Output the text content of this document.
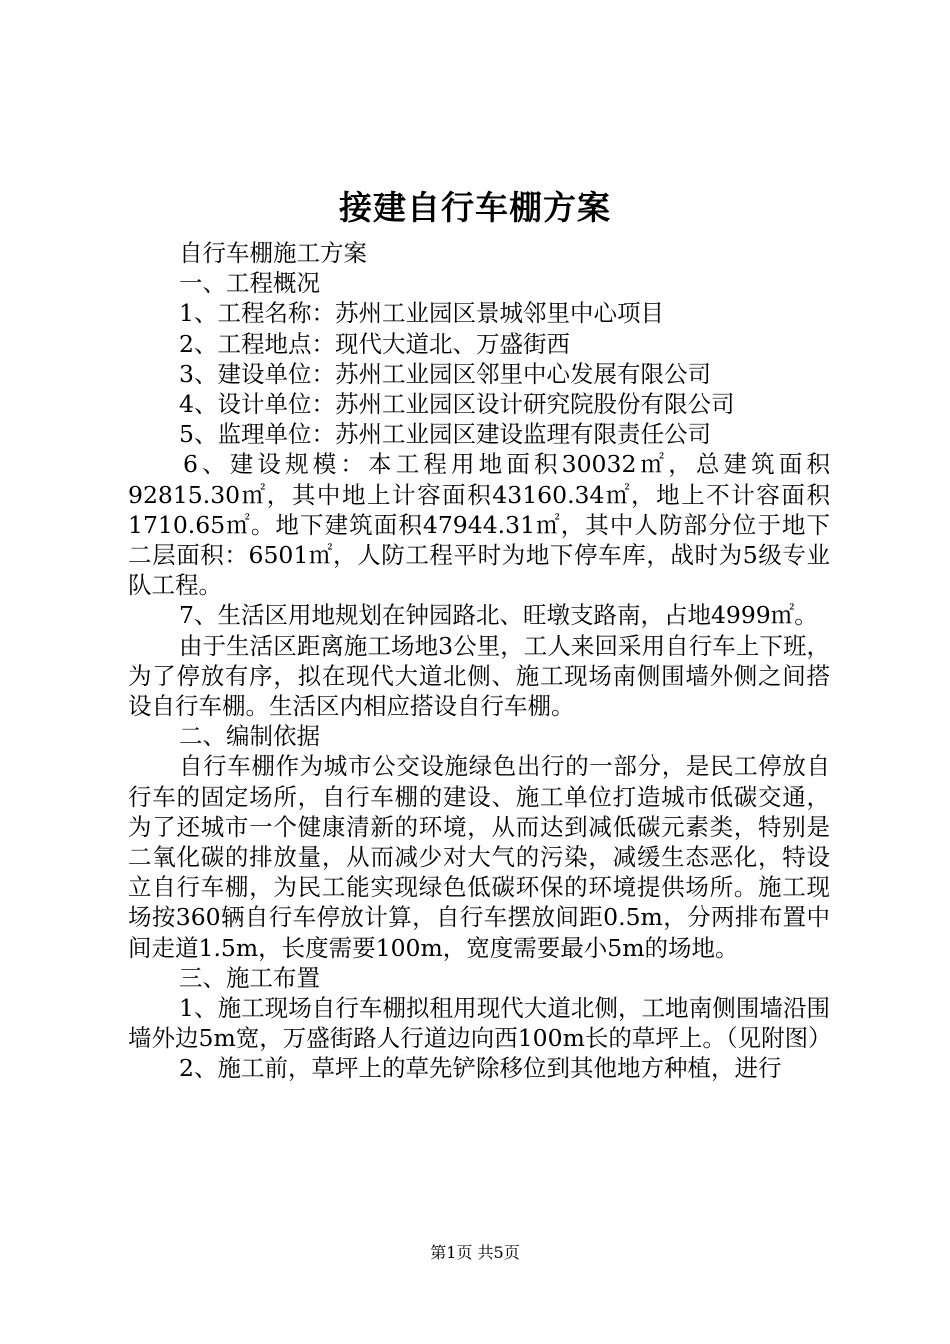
接建自行车棚方案

自行车棚施工方案

一、工程概况

1、工程名称：苏州工业园区景城邻里中心项目

2、工程地点：现代大道北、万盛街西

3、建设单位：苏州工业园区邻里中心发展有限公司

4、设计单位：苏州工业园区设计研究院股份有限公司

5、监理单位：苏州工业园区建设监理有限责任公司

6、建设规模：本工程用地面积30032㎡，总建筑面积92815.30㎡，其中地上计容面积43160.34㎡，地上不计容面积1710.65㎡。地下建筑面积47944.31㎡，其中人防部分位于地下二层面积：6501㎡，人防工程平时为地下停车库，战时为5级专业队工程。

7、生活区用地规划在钟园路北、旺墩支路南，占地4999㎡。

由于生活区距离施工场地3公里，工人来回采用自行车上下班，为了停放有序，拟在现代大道北侧、施工现场南侧围墙外侧之间搭设自行车棚。生活区内相应搭设自行车棚。

二、编制依据

自行车棚作为城市公交设施绿色出行的一部分，是民工停放自行车的固定场所，自行车棚的建设、施工单位打造城市低碳交通，为了还城市一个健康清新的环境，从而达到减低碳元素类，特别是二氧化碳的排放量，从而减少对大气的污染，减缓生态恶化，特设立自行车棚，为民工能实现绿色低碳环保的环境提供场所。施工现场按360辆自行车停放计算，自行车摆放间距0.5m，分两排布置中间走道1.5m，长度需要100m，宽度需要最小5m的场地。

三、施工布置

1、施工现场自行车棚拟租用现代大道北侧，工地南侧围墙沿围墙外边5m宽，万盛街路人行道边向西100m长的草坪上。（见附图）

2、施工前，草坪上的草先铲除移位到其他地方种植，进行

第1页 共5页
